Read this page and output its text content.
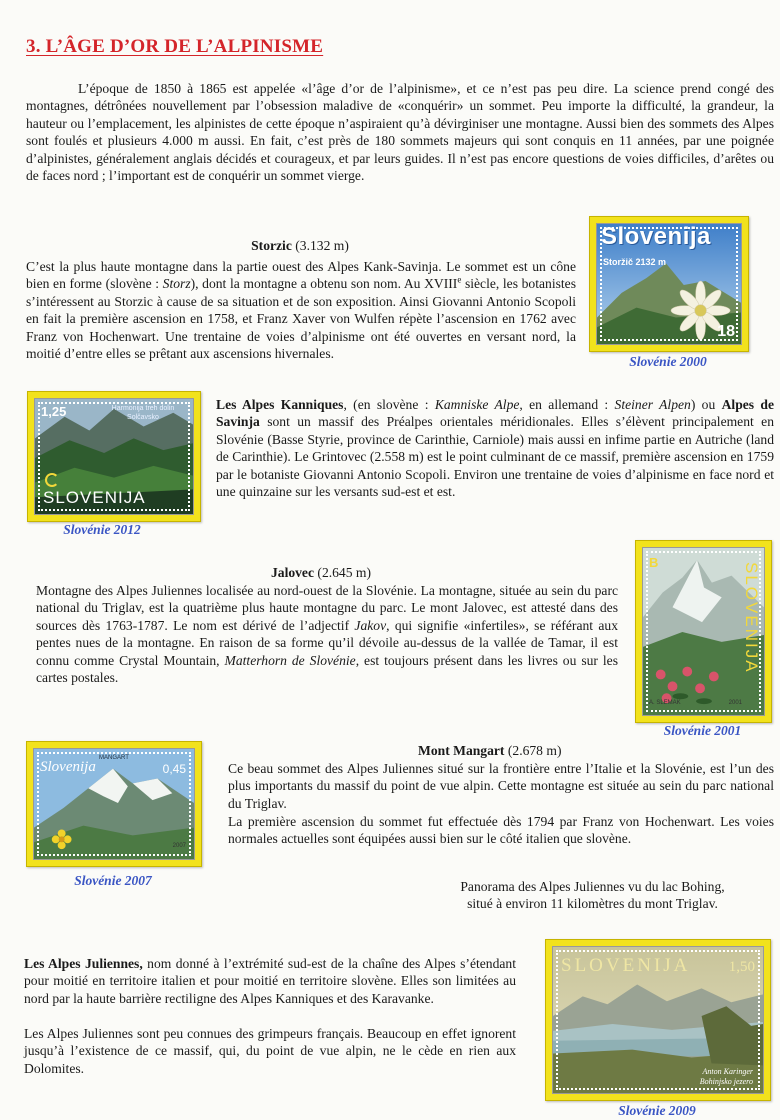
3. L’ÂGE D’OR DE L’ALPINISME

L’époque de 1850 à 1865 est appelée «l’âge d’or de l’alpinisme», et ce n’est pas peu dire. La science prend congé des montagnes, détrônées nouvellement par l’obsession maladive de «conquérir» un sommet. Peu importe la difficulté, la grandeur, la hauteur ou l’emplacement, les alpinistes de cette époque n’aspiraient qu’à dévirginiser une montagne. Aussi bien des sommets des Alpes sont foulés et plusieurs 4.000 m aussi. En fait, c’est près de 180 sommets majeurs qui sont conquis en 11 années, par une poignée d’alpinistes, généralement anglais décidés et courageux, et par leurs guides. Il n’est pas encore questions de voies difficiles, d’arêtes ou de faces nord ; l’important est de conquérir un sommet vierge.

Storzic (3.132 m)

C’est la plus haute montagne dans la partie ouest des Alpes Kank-Savinja. Le sommet est un cône bien en forme (slovène : Storz), dont la montagne a obtenu son nom. Au XVIIIe siècle, les botanistes s’intéressent au Storzic à cause de sa situation et de son exposition. Ainsi Giovanni Antonio Scopoli en fait la première ascension en 1758, et Franz Xaver von Wulfen répète l’ascension en 1762 avec Franz von Hochenwart. Une trentaine de voies d’alpinisme ont été ouvertes en versant nord, la moitié d’entre elles se prêtant aux ascensions hivernales.

Slovenija
Storžič 2132 m
18
Slovénie 2000
1,25	Harmonija treh dolin
Solčavsko
SLOVENIJA
Slovénie 2012

Les Alpes Kanniques, (en slovène : Kamniske Alpe, en allemand : Steiner Alpen) ou Alpes de Savinja sont un massif des Préalpes orientales méridionales. Elles s’élèvent principalement en Slovénie (Basse Styrie, province de Carinthie, Carniole) mais aussi en infime partie en Autriche (land de Carinthie). Le Grintovec (2.558 m) est le point culminant de ce massif, première ascension en 1759 par le botaniste Giovanni Antonio Scopoli. Environ une trentaine de voies d’alpinisme en face nord et une quinzaine sur les versants sud-est et est.

Jalovec (2.645 m)

Montagne des Alpes Juliennes localisée au nord-ouest de la Slovénie. La montagne, située au sein du parc national du Triglav, est la quatrième plus haute montagne du parc. Le mont Jalovec, est attesté dans des sources dès 1763-1787. Le nom est dérivé de l’adjectif Jakov, qui signifie «infertiles», se référant aux pentes nues de la montagne. En raison de sa forme qu’il dévoile au-dessus de la vallée de Tamar, il est connu comme Crystal Mountain, Matterhorn de Slovénie, est toujours présent dans les livres ou sur les cartes postales.

B	SLOVENIJA
A. SLEMAK	2001
Slovénie 2001
Mont Mangart (2.678 m)

Ce beau sommet des Alpes Juliennes situé sur la frontière entre l’Italie et la Slovénie, est l’un des plus importants du massif du point de vue alpin. Cette montagne est située au sein du parc national du Triglav.

La première ascension du sommet fut effectuée dès 1794 par Franz von Hochenwart. Les voies normales actuelles sont équipées aussi bien sur le côté italien que slovène.

MANGART
Slovenija	0,45
2007
Slovénie 2007	Panorama des Alpes Juliennes vu du lac Bohing,
situé à environ 11 kilomètres du mont Triglav.

Les Alpes Juliennes, nom donné à l’extrémité sud-est de la chaîne des Alpes s’étendant pour moitié en territoire italien et pour moitié en territoire slovène. Elles son limitées au nord par la haute barrière rectiligne des Alpes Kanniques et des Karavanke.

Les Alpes Juliennes sont peu connues des grimpeurs français. Beaucoup en effet ignorent jusqu’à l’existence de ce massif, qui, du point de vue alpin, ne le cède en rien aux Dolomites.

SLOVENIJA	1,50
Anton Karinger
Bohinjsko jezero
Slovénie 2009
